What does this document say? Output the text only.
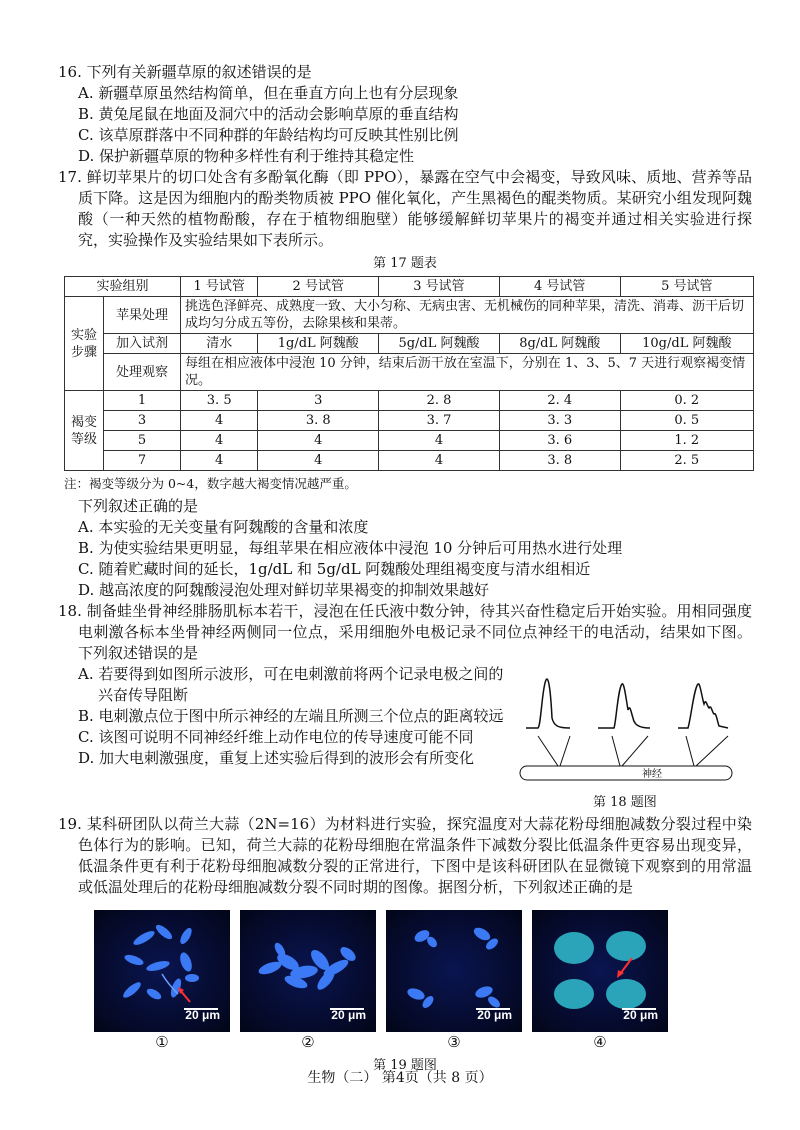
16. 下列有关新疆草原的叙述错误的是

A. 新疆草原虽然结构简单，但在垂直方向上也有分层现象

B. 黄兔尾鼠在地面及洞穴中的活动会影响草原的垂直结构

C. 该草原群落中不同种群的年龄结构均可反映其性别比例

D. 保护新疆草原的物种多样性有利于维持其稳定性

17. 鲜切苹果片的切口处含有多酚氧化酶（即 PPO），暴露在空气中会褐变，导致风味、质地、营养等品质下降。这是因为细胞内的酚类物质被 PPO 催化氧化，产生黑褐色的醌类物质。某研究小组发现阿魏酸（一种天然的植物酚酸，存在于植物细胞壁）能够缓解鲜切苹果片的褐变并通过相关实验进行探究，实验操作及实验结果如下表所示。

第 17 题表

实验组别		1 号试管	2 号试管	3 号试管	4 号试管	5 号试管
实验步骤	苹果处理	挑选色泽鲜亮、成熟度一致、大小匀称、无病虫害、无机械伤的同种苹果，清洗、消毒、沥干后切成均匀分成五等份，去除果核和果蒂。				
	加入试剂	清水	1g/dL 阿魏酸	5g/dL 阿魏酸	8g/dL 阿魏酸	10g/dL 阿魏酸
	处理观察	每组在相应液体中浸泡 10 分钟，结束后沥干放在室温下，分别在 1、3、5、7 天进行观察褐变情况。				
褐变等级	1	3. 5	3	2. 8	2. 4	0. 2
	3	4	3. 8	3. 7	3. 3	0. 5
	5	4	4	4	3. 6	1. 2
	7	4	4	4	3. 8	2. 5

注：褐变等级分为 0~4，数字越大褐变情况越严重。

下列叙述正确的是

A. 本实验的无关变量有阿魏酸的含量和浓度

B. 为使实验结果更明显，每组苹果在相应液体中浸泡 10 分钟后可用热水进行处理

C. 随着贮藏时间的延长，1g/dL 和 5g/dL 阿魏酸处理组褐变度与清水组相近

D. 越高浓度的阿魏酸浸泡处理对鲜切苹果褐变的抑制效果越好

18. 制备蛙坐骨神经腓肠肌标本若干，浸泡在任氏液中数分钟，待其兴奋性稳定后开始实验。用相同强度电刺激各标本坐骨神经两侧同一位点，采用细胞外电极记录不同位点神经干的电活动，结果如下图。下列叙述错误的是

A. 若要得到如图所示波形，可在电刺激前将两个记录电极之间的兴奋传导阻断

B. 电刺激点位于图中所示神经的左端且所测三个位点的距离较远

C. 该图可说明不同神经纤维上动作电位的传导速度可能不同

D. 加大电刺激强度，重复上述实验后得到的波形会有所变化

神经
第 18 题图

19. 某科研团队以荷兰大蒜（2N=16）为材料进行实验，探究温度对大蒜花粉母细胞减数分裂过程中染色体行为的影响。已知，荷兰大蒜的花粉母细胞在常温条件下减数分裂比低温条件更容易出现变异，低温条件更有利于花粉母细胞减数分裂的正常进行，下图中是该科研团队在显微镜下观察到的用常温或低温处理后的花粉母细胞减数分裂不同时期的图像。据图分析，下列叙述正确的是

20 μm	20 μm	20 μm	20 μm
①	②	③	④

第 19 题图

生物（二） 第4页（共 8 页）
